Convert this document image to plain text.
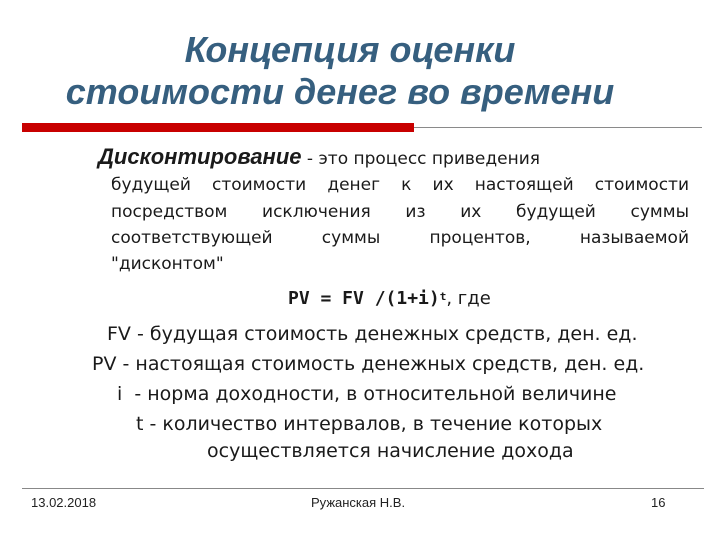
Концепция оценки
стоимости денег во времени
Дисконтирование - это процесс приведения
будущей стоимости денег к их настоящей стоимости
посредством исключения из их будущей суммы
соответствующей суммы процентов, называемой
"дисконтом"
PV = FV $/(1+i)^t$, где
FV - будущая стоимость денежных средств, ден. ед.
PV - настоящая стоимость денежных средств, ден. ед.
i  - норма доходности, в относительной величине
t - количество интервалов, в течение которых
осуществляется начисление дохода
13.02.2018	Ружанская Н.В.	16
